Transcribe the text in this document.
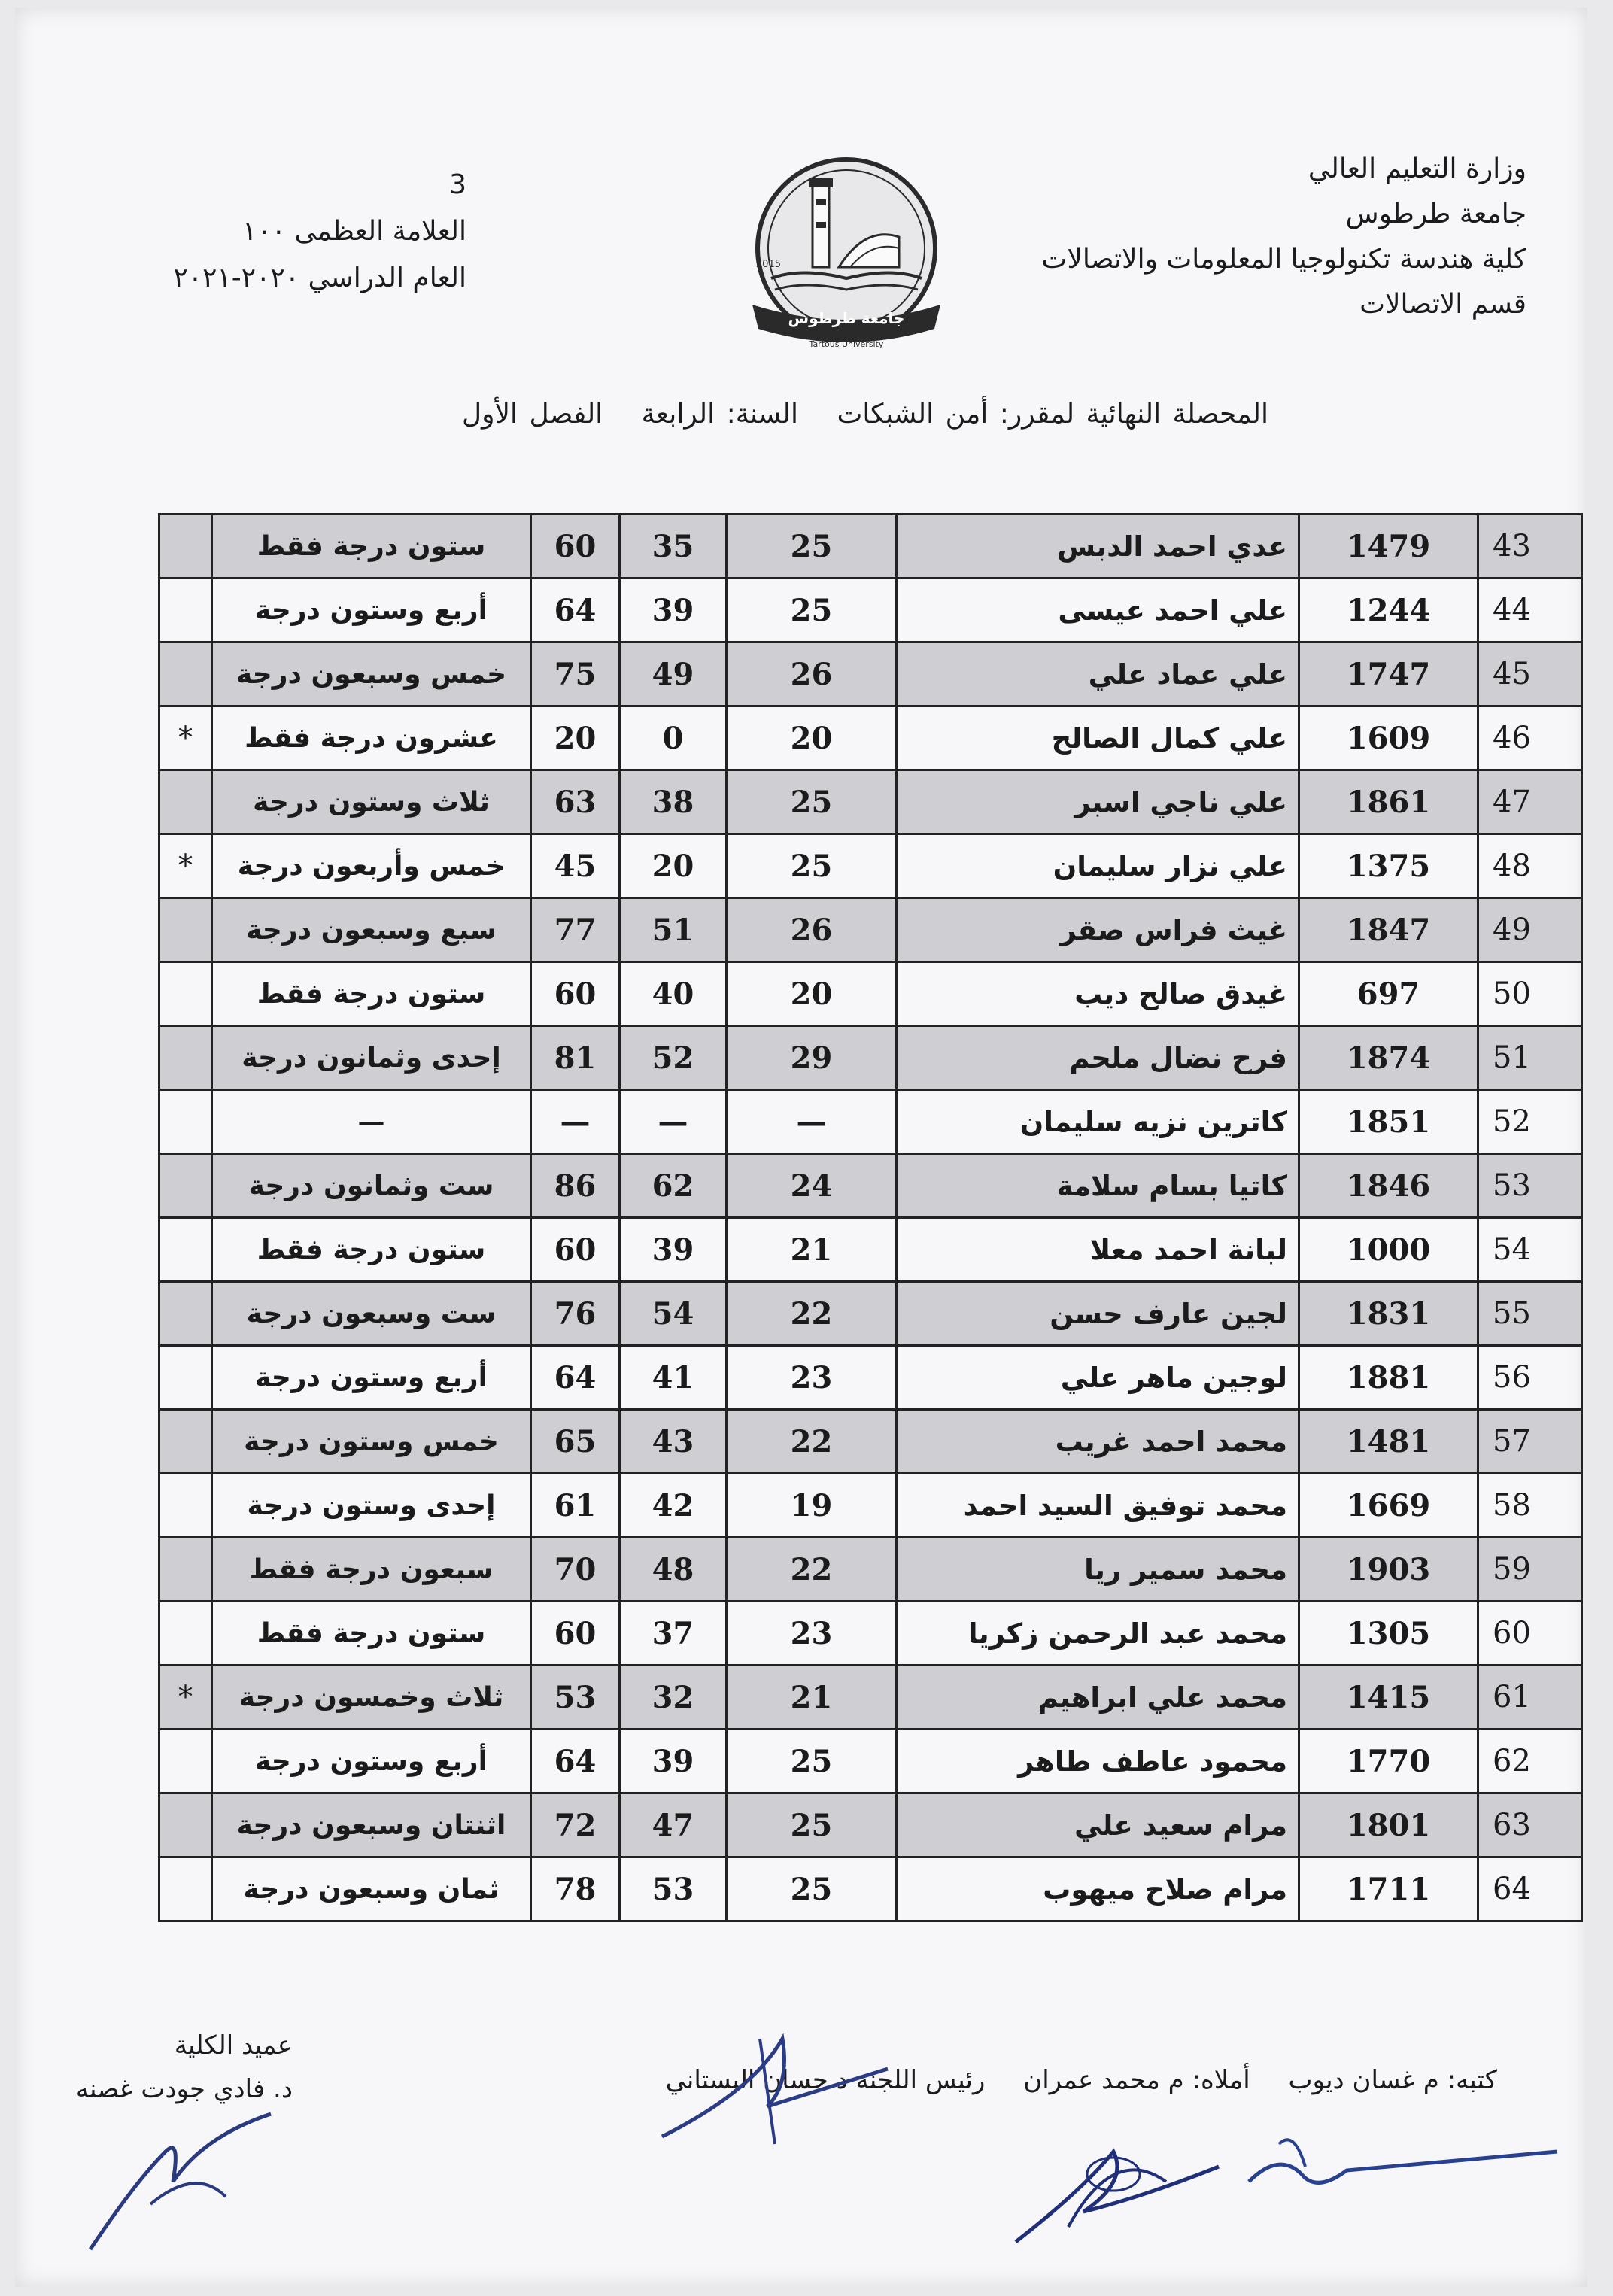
وزارة التعليم العالي
جامعة طرطوس
كلية هندسة تكنولوجيا المعلومات والاتصالات
قسم الاتصالات
3
العلامة العظمى ١٠٠
العام الدراسي ٢٠٢٠-٢٠٢١	2015
جامعة طرطوس
Tartous University
المحصلة النهائية لمقرر: أمن الشبكات السنة: الرابعة الفصل الأول
43	1479	عدي احمد الدبس	25	35	60	ستون درجة فقط	
44	1244	علي احمد عيسى	25	39	64	أربع وستون درجة	
45	1747	علي عماد علي	26	49	75	خمس وسبعون درجة	
46	1609	علي كمال الصالح	20	0	20	عشرون درجة فقط	*
47	1861	علي ناجي اسبر	25	38	63	ثلاث وستون درجة	
48	1375	علي نزار سليمان	25	20	45	خمس وأربعون درجة	*
49	1847	غيث فراس صقر	26	51	77	سبع وسبعون درجة	
50	697	غيدق صالح ديب	20	40	60	ستون درجة فقط	
51	1874	فرح نضال ملحم	29	52	81	إحدى وثمانون درجة	
52	1851	كاترين نزيه سليمان	—	—	—	—	
53	1846	كاتيا بسام سلامة	24	62	86	ست وثمانون درجة	
54	1000	لبانة احمد معلا	21	39	60	ستون درجة فقط	
55	1831	لجين عارف حسن	22	54	76	ست وسبعون درجة	
56	1881	لوجين ماهر علي	23	41	64	أربع وستون درجة	
57	1481	محمد احمد غريب	22	43	65	خمس وستون درجة	
58	1669	محمد توفيق السيد احمد	19	42	61	إحدى وستون درجة	
59	1903	محمد سمير ريا	22	48	70	سبعون درجة فقط	
60	1305	محمد عبد الرحمن زكريا	23	37	60	ستون درجة فقط	
61	1415	محمد علي ابراهيم	21	32	53	ثلاث وخمسون درجة	*
62	1770	محمود عاطف طاهر	25	39	64	أربع وستون درجة	
63	1801	مرام سعيد علي	25	47	72	اثنتان وسبعون درجة	
64	1711	مرام صلاح ميهوب	25	53	78	ثمان وسبعون درجة	
عميد الكلية
د. فادي جودت غصنه	كتبه: م غسان ديوب أملاه: م محمد عمران رئيس اللجنة د حسان البستاني
